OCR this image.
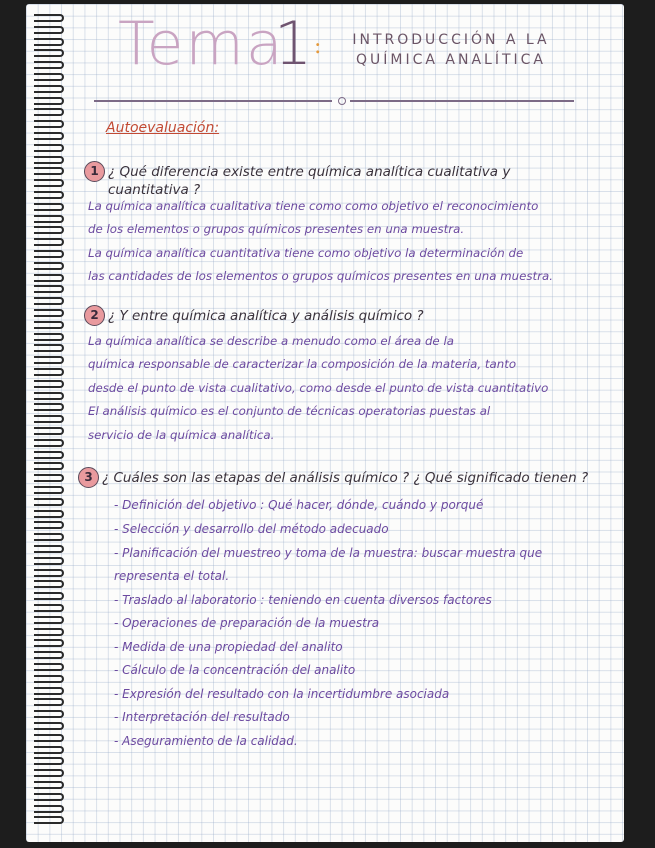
Tema
1 :	INTRODUCCIÓN A LA
QUÍMICA ANALÍTICA
Autoevaluación:
1 ¿ Qué diferencia existe entre química analítica cualitativa y
cuantitativa ?
La química analítica cualitativa tiene como como objetivo el reconocimiento
de los elementos o grupos químicos presentes en una muestra.
La química analítica cuantitativa tiene como objetivo la determinación de
las cantidades de los elementos o grupos químicos presentes en una muestra.
2 ¿ Y entre química analítica y análisis químico ?
La química analítica se describe a menudo como el área de la
química responsable de caracterizar la composición de la materia, tanto
desde el punto de vista cualitativo, como desde el punto de vista cuantitativo
El análisis químico es el conjunto de técnicas operatorias puestas al
servicio de la química analítica.
3 ¿ Cuáles son las etapas del análisis químico ? ¿ Qué significado tienen ?
- Definición del objetivo : Qué hacer, dónde, cuándo y porqué
- Selección y desarrollo del método adecuado
- Planificación del muestreo y toma de la muestra: buscar muestra que
representa el total.
- Traslado al laboratorio : teniendo en cuenta diversos factores
- Operaciones de preparación de la muestra
- Medida de una propiedad del analito
- Cálculo de la concentración del analito
- Expresión del resultado con la incertidumbre asociada
- Interpretación del resultado
- Aseguramiento de la calidad.
